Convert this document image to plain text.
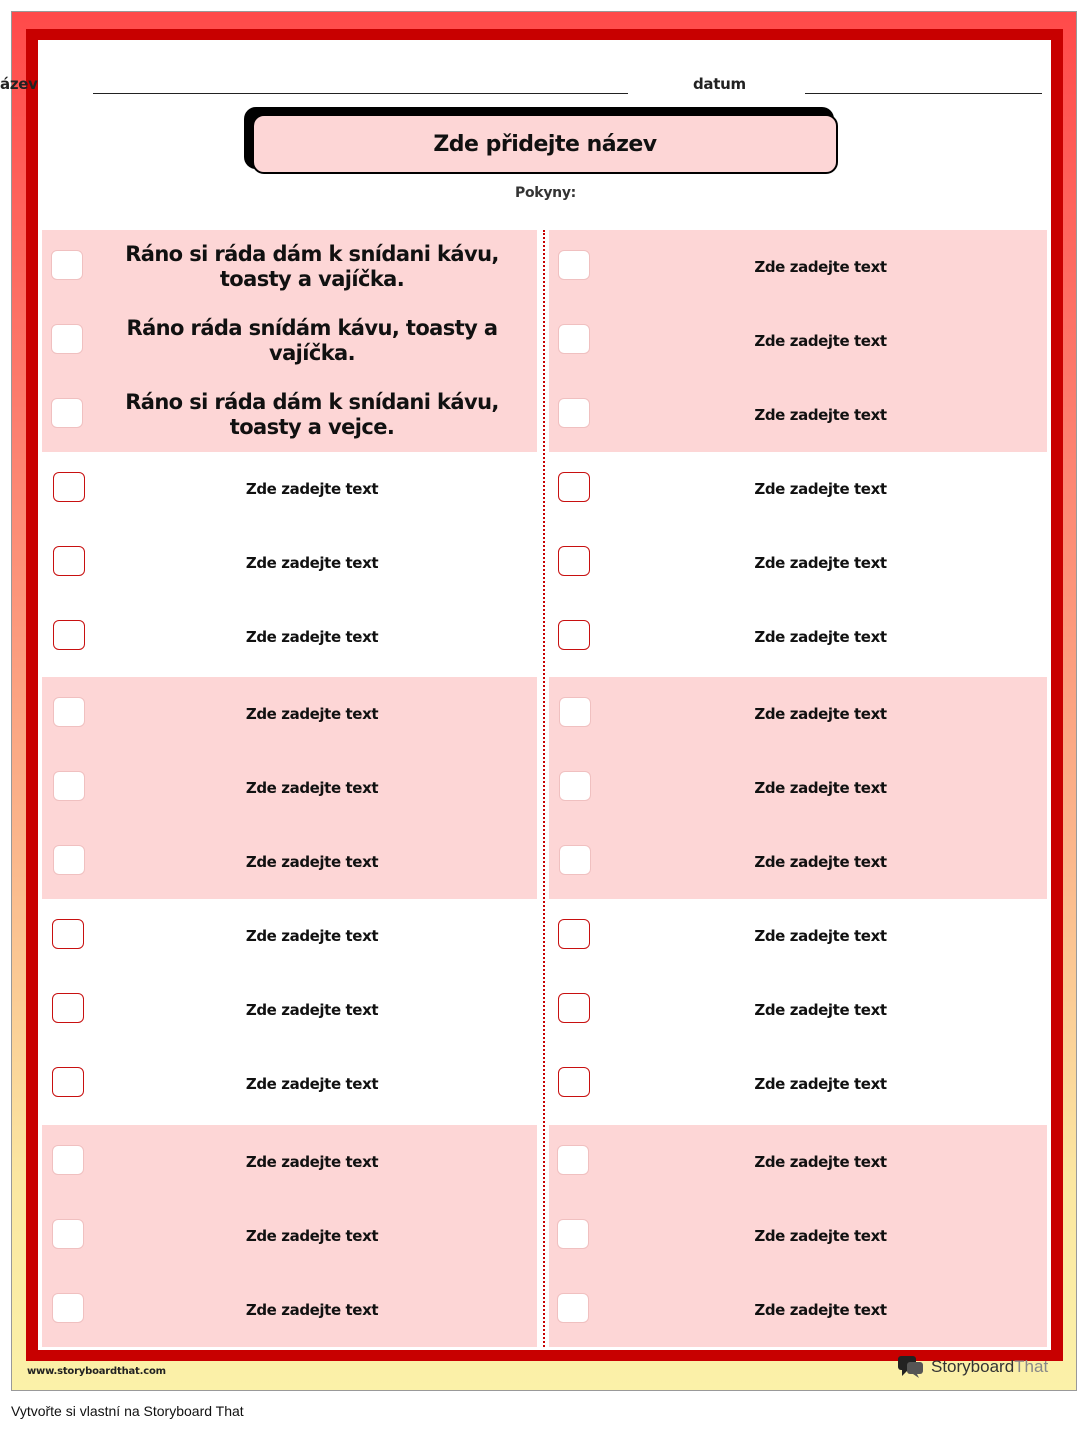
ázev	datum
Zde přidejte název
Pokyny:
Ráno si ráda dám k snídani kávu, toasty a vajíčka.
Ráno ráda snídám kávu, toasty a vajíčka.
Ráno si ráda dám k snídani kávu, toasty a vejce.
Zde zadejte text
Zde zadejte text
Zde zadejte text
Zde zadejte text
Zde zadejte text
Zde zadejte text
Zde zadejte text
Zde zadejte text
Zde zadejte text
Zde zadejte text
Zde zadejte text
Zde zadejte text
Zde zadejte text
Zde zadejte text
Zde zadejte text
Zde zadejte text
Zde zadejte text
Zde zadejte text
Zde zadejte text
Zde zadejte text
Zde zadejte text
Zde zadejte text
Zde zadejte text
Zde zadejte text
Zde zadejte text
Zde zadejte text
Zde zadejte text
www.storyboardthat.com	StoryboardThat
Vytvořte si vlastní na Storyboard That
